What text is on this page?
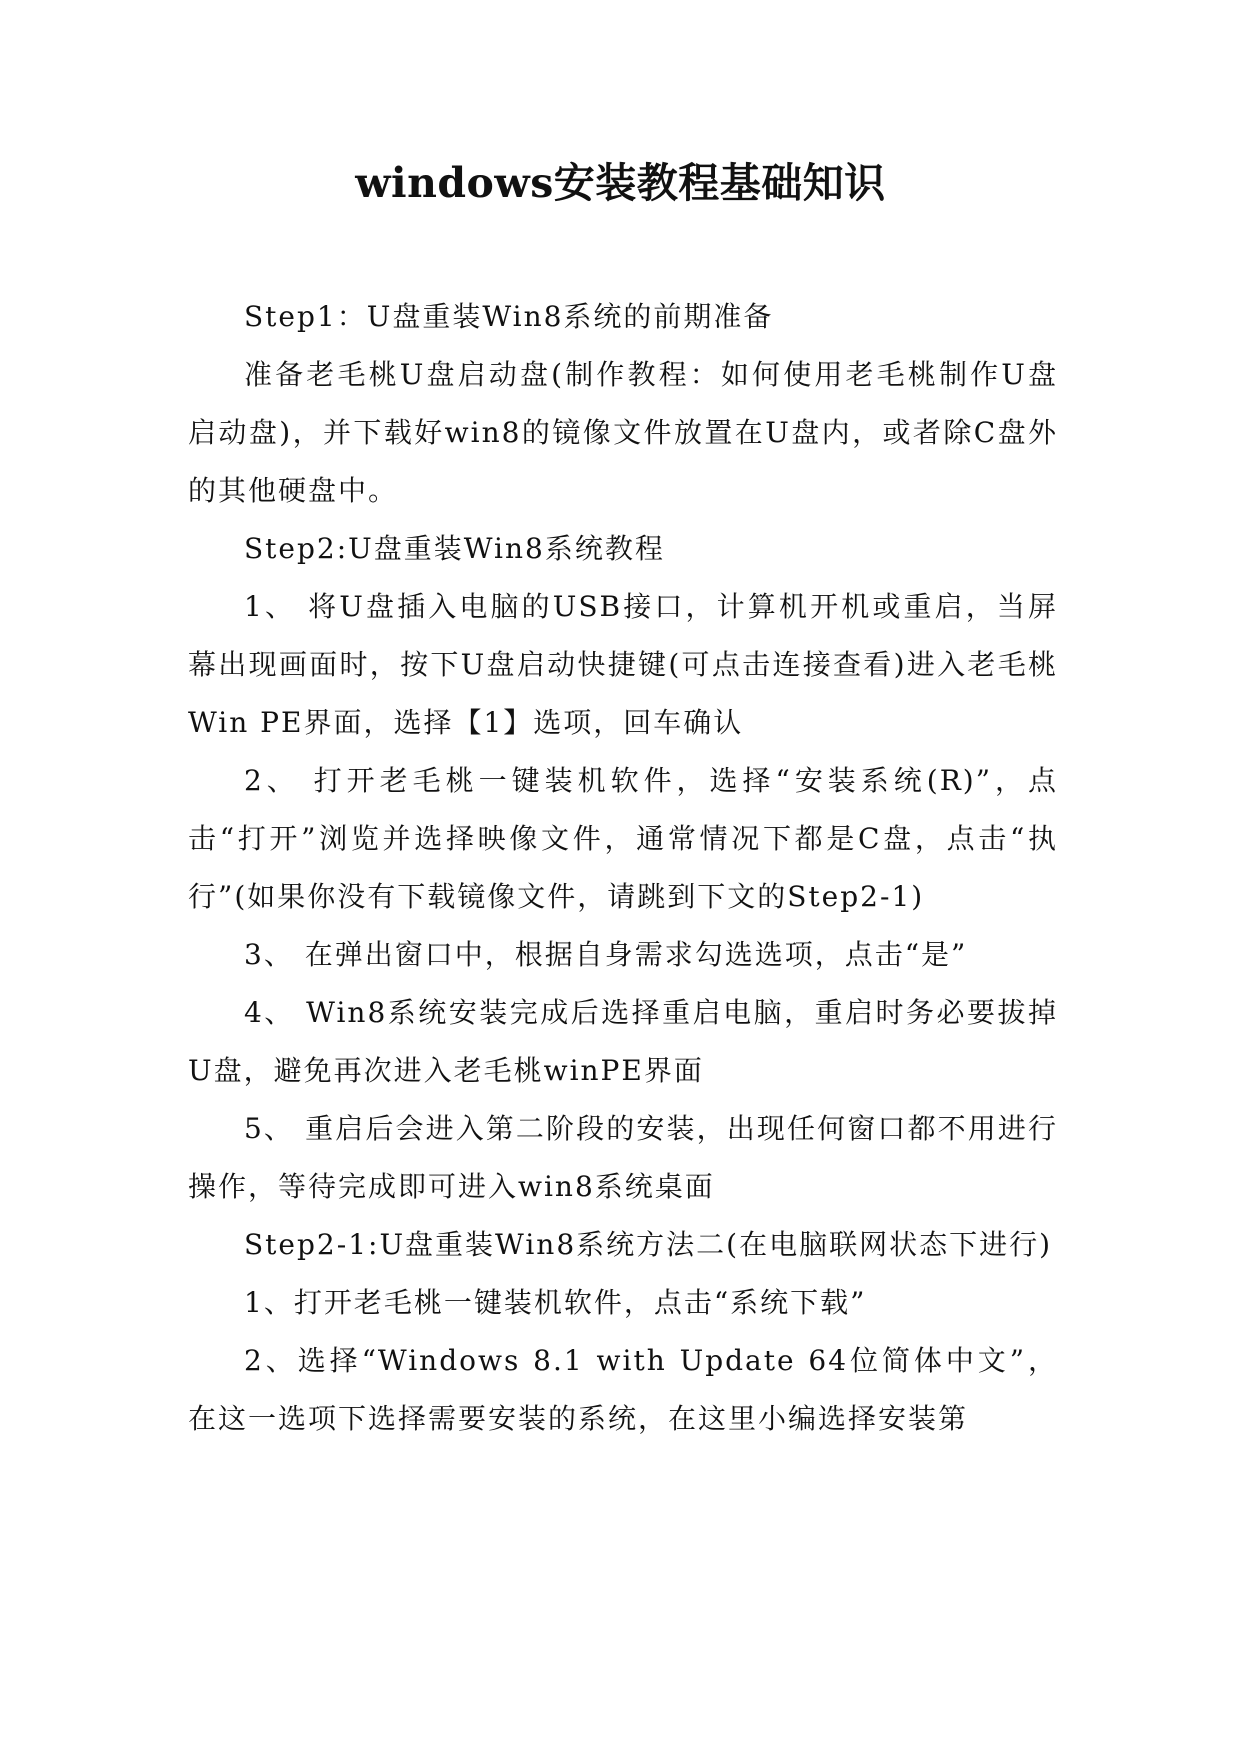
windows安装教程基础知识

Step1：U盘重装Win8系统的前期准备

准备老毛桃U盘启动盘(制作教程：如何使用老毛桃制作U盘启动盘)，并下载好win8的镜像文件放置在U盘内，或者除C盘外的其他硬盘中。

Step2:U盘重装Win8系统教程

1、 将U盘插入电脑的USB接口，计算机开机或重启，当屏幕出现画面时，按下U盘启动快捷键(可点击连接查看)进入老毛桃Win PE界面，选择【1】选项，回车确认

2、 打开老毛桃一键装机软件，选择“安装系统(R)”，点击“打开”浏览并选择映像文件，通常情况下都是C盘，点击“执行”(如果你没有下载镜像文件，请跳到下文的Step2-1)

3、 在弹出窗口中，根据自身需求勾选选项，点击“是”

4、 Win8系统安装完成后选择重启电脑，重启时务必要拔掉U盘，避免再次进入老毛桃winPE界面

5、 重启后会进入第二阶段的安装，出现任何窗口都不用进行操作，等待完成即可进入win8系统桌面

Step2-1:U盘重装Win8系统方法二(在电脑联网状态下进行)

1、打开老毛桃一键装机软件，点击“系统下载”

2、选择“Windows 8.1 with Update 64位简体中文”，在这一选项下选择需要安装的系统，在这里小编选择安装第
